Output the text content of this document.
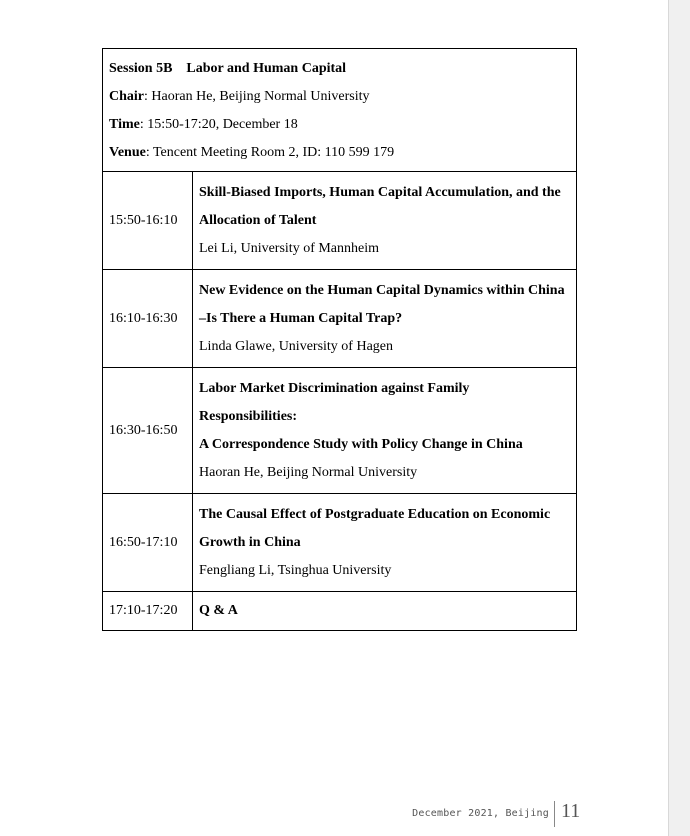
Session 5B Labor and Human Capital
Chair: Haoran He, Beijing Normal University
Time: 15:50-17:20, December 18
Venue: Tencent Meeting Room 2, ID: 110 599 179	

15:50-16:10	Skill-Biased Imports, Human Capital Accumulation, and the
Allocation of Talent
Lei Li, University of Mannheim

16:10-16:30	New Evidence on the Human Capital Dynamics within China
–Is There a Human Capital Trap?
Linda Glawe, University of Hagen

16:30-16:50	Labor Market Discrimination against Family Responsibilities:
A Correspondence Study with Policy Change in China
Haoran He, Beijing Normal University

16:50-17:10	The Causal Effect of Postgraduate Education on Economic
Growth in China
Fengliang Li, Tsinghua University

17:10-17:20	Q & A
December 2021, Beijing 11
